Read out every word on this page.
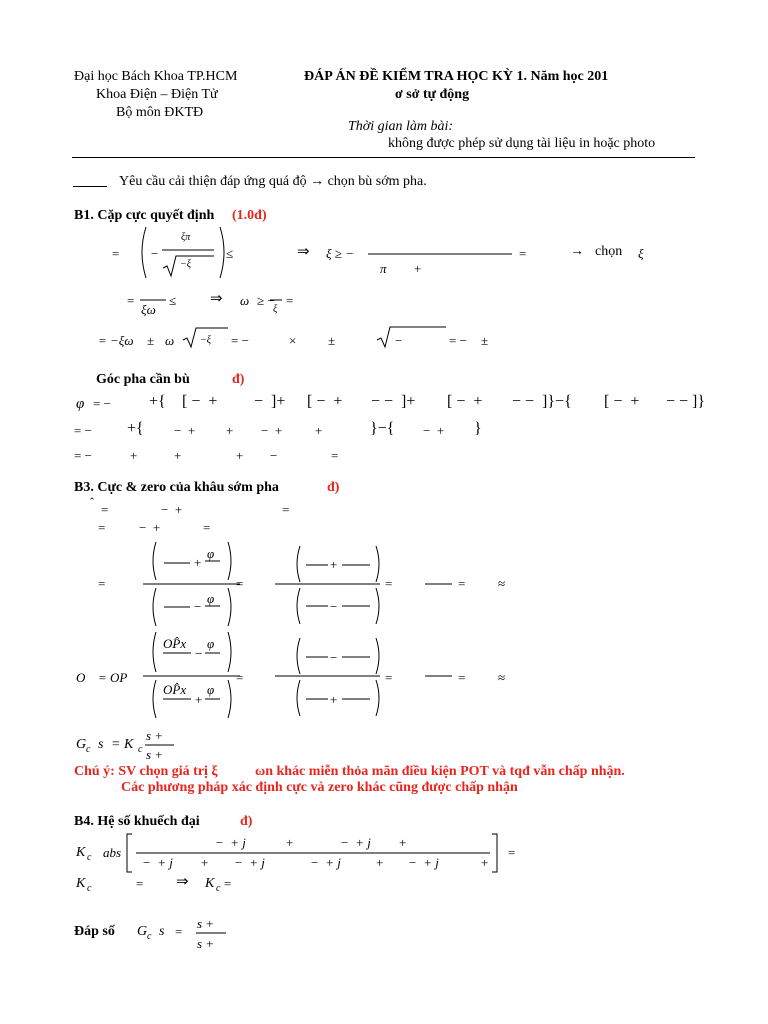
Đại học Bách Khoa TP.HCM
Khoa Điện – Điện Tử
Bộ môn ĐKTĐ
ĐÁP ÁN ĐỀ KIỂM TRA HỌC KỲ 1. Năm học 201
ơ sở tự động
Thời gian làm bài:
không được phép sử dụng tài liệu in hoặc photo
Yêu cầu cải thiện đáp ứng quá độ → chọn bù sớm pha.
B1. Cặp cực quyết định (1.0đ)
= −
ξπ
−ξ
≤	⇒ ξ ≥ −	=
π +
→ chọn ξ
=
ξω
≤ ⇒ ω ≥ −
ξ
=
= −ξω ± ω	−ξ = −	× ±	−	= − ±
Góc pha cần bù	đ)
φ = − +{ [ −  + −  ]+ [ −  + − −  ]+ [ −  + − −  ]}−{ [ −  + − − ]}
= − +{ −  + + −  +	+	}−{ −  + }
= −	+	+	+ −	=
B3. Cực & zero của khâu sớm pha	đ)
ˆ =	−  +	=
=	−  +	=
=
+
φ
−
φ
=
+
−
=	=	≈
O = OP
OP̂x
−
φ
OP̂x
+
φ
=
−
+
=	=	≈
G c s = K c
s +
s +
Chú ý: SV chọn giá trị ξ	ωn khác miễn thỏa mãn điều kiện POT và tqđ vẫn chấp nhận.
Các phương pháp xác định cực và zero khác cũng được chấp nhận
B4. Hệ số khuếch đại	đ)
K c abs
−  + j	+	−  + j +
−  + j + −  + j	−  + j	+ −  + j	+
=
K c	= ⇒ K c =
Đáp số G c s =
s +
s +
